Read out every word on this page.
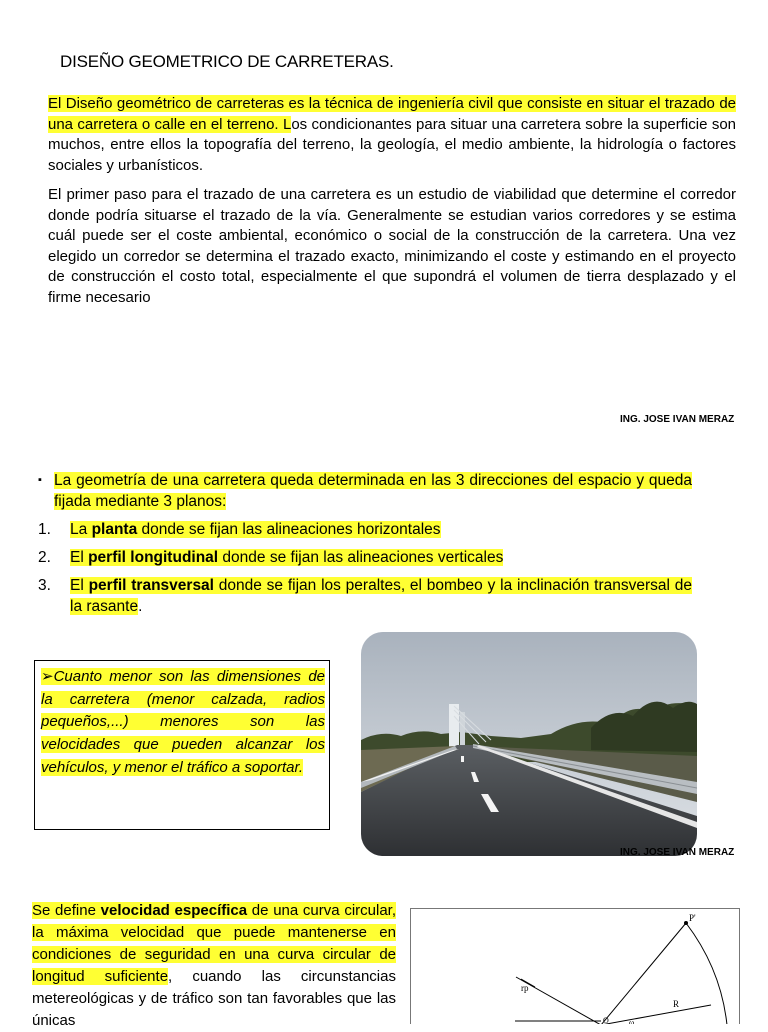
DISEÑO GEOMETRICO DE CARRETERAS.
El Diseño geométrico de carreteras es la técnica de ingeniería civil que consiste en situar el trazado de una carretera o calle en el terreno. Los condicionantes para situar una carretera sobre la superficie son muchos, entre ellos la topografía del terreno, la geología, el medio ambiente, la hidrología o factores sociales y urbanísticos.
El primer paso para el trazado de una carretera es un estudio de viabilidad que determine el corredor donde podría situarse el trazado de la vía. Generalmente se estudian varios corredores y se estima cuál puede ser el coste ambiental, económico o social de la construcción de la carretera. Una vez elegido un corredor se determina el trazado exacto, minimizando el coste y estimando en el proyecto de construcción el costo total, especialmente el que supondrá el volumen de tierra desplazado y el firme necesario
ING. JOSE IVAN MERAZ
▪ La geometría de una carretera queda determinada en las 3 direcciones del espacio y queda fijada mediante 3 planos:
1.	La planta donde se fijan las alineaciones horizontales
2.	El perfil longitudinal donde se fijan las alineaciones verticales
3.	El perfil transversal donde se fijan los peraltes, el bombeo y la inclinación transversal de la rasante.
➢Cuanto menor son las dimensiones de la carretera (menor calzada, radios pequeños,...) menores son las velocidades que pueden alcanzar los vehículos, y menor el tráfico a soportar.
ING. JOSE IVAN MERAZ
Se define velocidad específica de una curva circular, la máxima velocidad que puede mantenerse en condiciones de seguridad en una curva circular de longitud suficiente, cuando las circunstancias metereológicas y de tráfico son tan favorables que las únicas
P'
rp
R
O	ω
